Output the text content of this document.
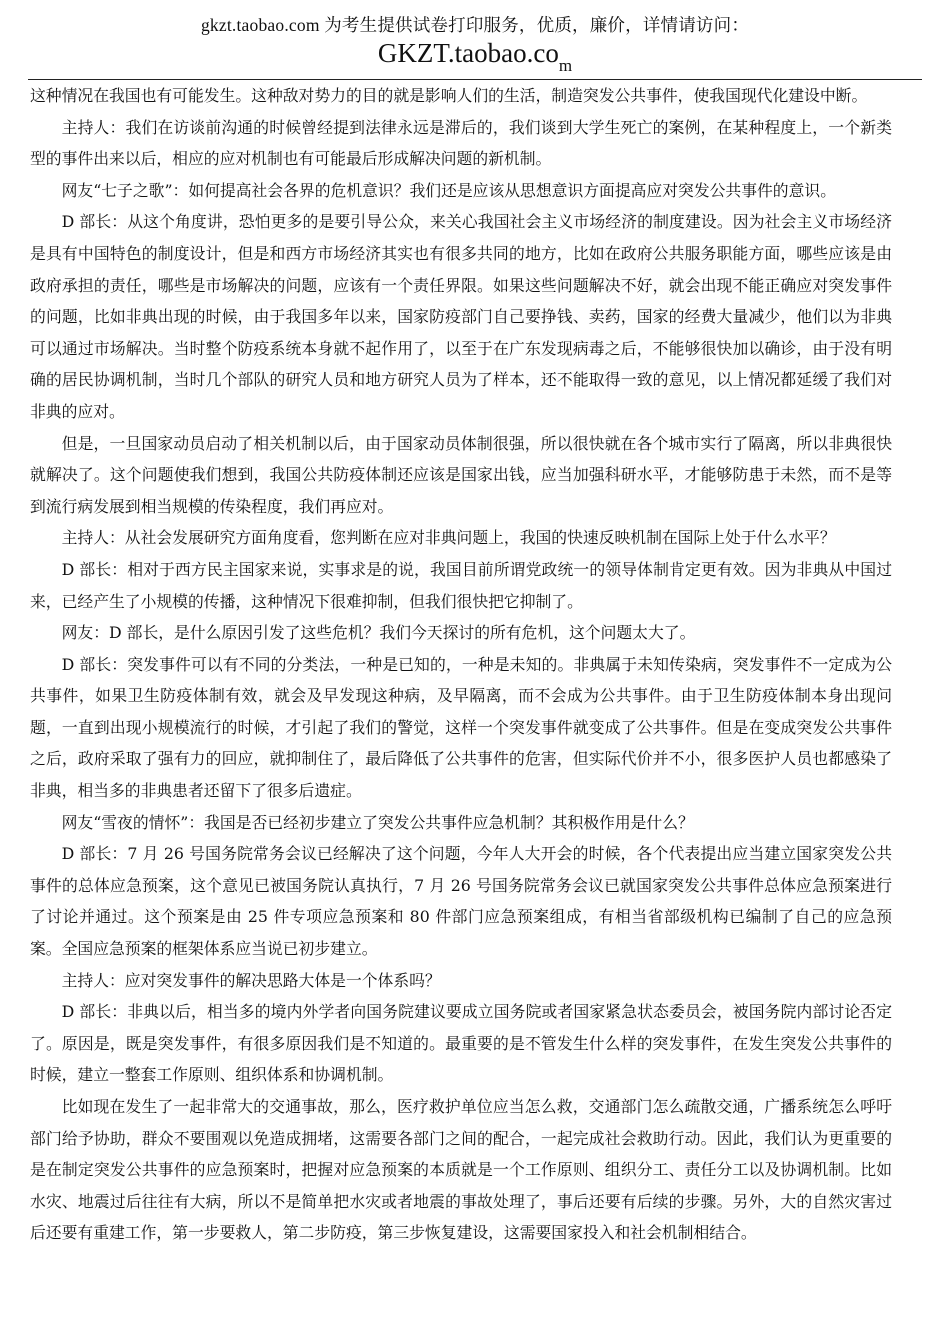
gkzt.taobao.com 为考生提供试卷打印服务，优质，廉价，详情请访问：
$GKZT.taobao.co_m$

这种情况在我国也有可能发生。这种敌对势力的目的就是影响人们的生活，制造突发公共事件，使我国现代化建设中断。

主持人：我们在访谈前沟通的时候曾经提到法律永远是滞后的，我们谈到大学生死亡的案例，在某种程度上，一个新类型的事件出来以后，相应的应对机制也有可能最后形成解决问题的新机制。

网友“七子之歌”：如何提高社会各界的危机意识？我们还是应该从思想意识方面提高应对突发公共事件的意识。

D 部长：从这个角度讲，恐怕更多的是要引导公众，来关心我国社会主义市场经济的制度建设。因为社会主义市场经济是具有中国特色的制度设计，但是和西方市场经济其实也有很多共同的地方，比如在政府公共服务职能方面，哪些应该是由政府承担的责任，哪些是市场解决的问题，应该有一个责任界限。如果这些问题解决不好，就会出现不能正确应对突发事件的问题，比如非典出现的时候，由于我国多年以来，国家防疫部门自己要挣钱、卖药，国家的经费大量减少，他们以为非典可以通过市场解决。当时整个防疫系统本身就不起作用了，以至于在广东发现病毒之后，不能够很快加以确诊，由于没有明确的居民协调机制，当时几个部队的研究人员和地方研究人员为了样本，还不能取得一致的意见，以上情况都延缓了我们对非典的应对。

但是，一旦国家动员启动了相关机制以后，由于国家动员体制很强，所以很快就在各个城市实行了隔离，所以非典很快就解决了。这个问题使我们想到，我国公共防疫体制还应该是国家出钱，应当加强科研水平，才能够防患于未然，而不是等到流行病发展到相当规模的传染程度，我们再应对。

主持人：从社会发展研究方面角度看，您判断在应对非典问题上，我国的快速反映机制在国际上处于什么水平？

D 部长：相对于西方民主国家来说，实事求是的说，我国目前所谓党政统一的领导体制肯定更有效。因为非典从中国过来，已经产生了小规模的传播，这种情况下很难抑制，但我们很快把它抑制了。

网友：D 部长，是什么原因引发了这些危机？我们今天探讨的所有危机，这个问题太大了。

D 部长：突发事件可以有不同的分类法，一种是已知的，一种是未知的。非典属于未知传染病，突发事件不一定成为公共事件，如果卫生防疫体制有效，就会及早发现这种病，及早隔离，而不会成为公共事件。由于卫生防疫体制本身出现问题，一直到出现小规模流行的时候，才引起了我们的警觉，这样一个突发事件就变成了公共事件。但是在变成突发公共事件之后，政府采取了强有力的回应，就抑制住了，最后降低了公共事件的危害，但实际代价并不小，很多医护人员也都感染了非典，相当多的非典患者还留下了很多后遗症。

网友“雪夜的情怀”：我国是否已经初步建立了突发公共事件应急机制？其积极作用是什么？

D 部长：7 月 26 号国务院常务会议已经解决了这个问题，今年人大开会的时候，各个代表提出应当建立国家突发公共事件的总体应急预案，这个意见已被国务院认真执行，7 月 26 号国务院常务会议已就国家突发公共事件总体应急预案进行了讨论并通过。这个预案是由 25 件专项应急预案和 80 件部门应急预案组成，有相当省部级机构已编制了自己的应急预案。全国应急预案的框架体系应当说已初步建立。

主持人：应对突发事件的解决思路大体是一个体系吗？

D 部长：非典以后，相当多的境内外学者向国务院建议要成立国务院或者国家紧急状态委员会，被国务院内部讨论否定了。原因是，既是突发事件，有很多原因我们是不知道的。最重要的是不管发生什么样的突发事件，在发生突发公共事件的时候，建立一整套工作原则、组织体系和协调机制。

比如现在发生了一起非常大的交通事故，那么，医疗救护单位应当怎么救，交通部门怎么疏散交通，广播系统怎么呼吁部门给予协助，群众不要围观以免造成拥堵，这需要各部门之间的配合，一起完成社会救助行动。因此，我们认为更重要的是在制定突发公共事件的应急预案时，把握对应急预案的本质就是一个工作原则、组织分工、责任分工以及协调机制。比如水灾、地震过后往往有大病，所以不是简单把水灾或者地震的事故处理了，事后还要有后续的步骤。另外，大的自然灾害过后还要有重建工作，第一步要救人，第二步防疫，第三步恢复建设，这需要国家投入和社会机制相结合。
